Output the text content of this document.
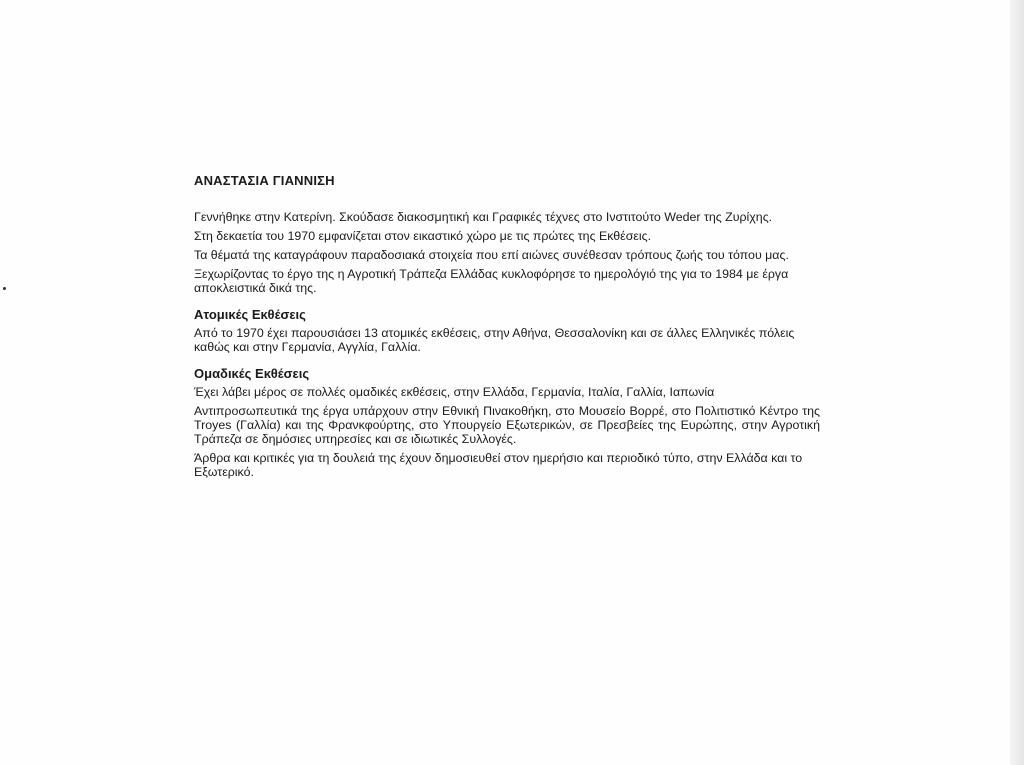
ΑΝΑΣΤΑΣΙΑ ΓΙΑΝΝΙΣΗ

Γεννήθηκε στην Κατερίνη. Σκούδασε διακοσμητική και Γραφικές τέχνες στο Ινστιτούτο Weder της Ζυρίχης.

Στη δεκαετία του 1970 εμφανίζεται στον εικαστικό χώρο με τις πρώτες της Εκθέσεις.

Τα θέματά της καταγράφουν παραδοσιακά στοιχεία που επί αιώνες συνέθεσαν τρόπους ζωής του τόπου μας.

Ξεχωρίζοντας το έργο της η Αγροτική Τράπεζα Ελλάδας κυκλοφόρησε το ημερολόγιό της για το 1984 με έργα αποκλειστικά δικά της.

Ατομικές Εκθέσεις

Από το 1970 έχει παρουσιάσει 13 ατομικές εκθέσεις, στην Αθήνα, Θεσσαλονίκη και σε άλλες Ελληνικές πόλεις καθώς και στην Γερμανία, Αγγλία, Γαλλία.

Ομαδικές Εκθέσεις

Έχει λάβει μέρος σε πολλές ομαδικές εκθέσεις, στην Ελλάδα, Γερμανία, Ιταλία, Γαλλία, Ιαπωνία

Αντιπροσωπευτικά της έργα υπάρχουν στην Εθνική Πινακοθήκη, στο Μουσείο Βορρέ, στο Πολιτιστικό Κέντρο της Troyes (Γαλλία) και της Φρανκφούρτης, στο Υπουργείο Εξωτερικών, σε Πρεσβείες της Ευρώπης, στην Αγροτική Τράπεζα σε δημόσιες υπηρεσίες και σε ιδιωτικές Συλλογές.

Άρθρα και κριτικές για τη δουλειά της έχουν δημοσιευθεί στον ημερήσιο και περιοδικό τύπο, στην Ελλάδα και το Εξωτερικό.
